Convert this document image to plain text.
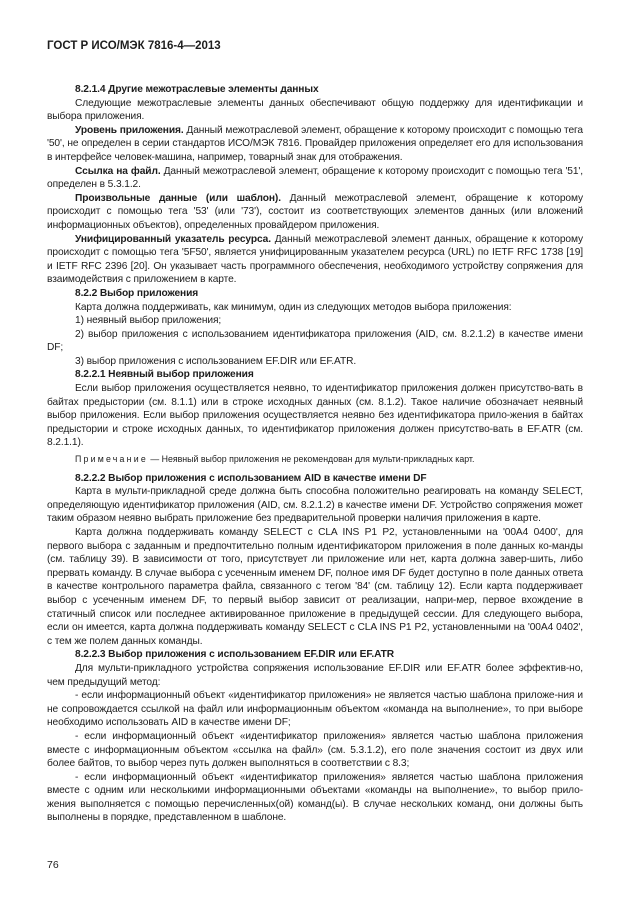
ГОСТ Р ИСО/МЭК 7816-4—2013

8.2.1.4 Другие межотраслевые элементы данных

Следующие межотраслевые элементы данных обеспечивают общую поддержку для идентификации и выбора приложения.

Уровень приложения. Данный межотраслевой элемент, обращение к которому происходит с помощью тега '50', не определен в серии стандартов ИСО/МЭК 7816. Провайдер приложения определяет его для использования в интерфейсе человек-машина, например, товарный знак для отображения.

Ссылка на файл. Данный межотраслевой элемент, обращение к которому происходит с помощью тега '51', определен в 5.3.1.2.

Произвольные данные (или шаблон). Данный межотраслевой элемент, обращение к которому происходит с помощью тега '53' (или '73'), состоит из соответствующих элементов данных (или вложений информационных объектов), определенных провайдером приложения.

Унифицированный указатель ресурса. Данный межотраслевой элемент данных, обращение к которому происходит с помощью тега '5F50', является унифицированным указателем ресурса (URL) по IETF RFC 1738 [19] и IETF RFC 2396 [20]. Он указывает часть программного обеспечения, необходимого устройству сопряжения для взаимодействия с приложением в карте.

8.2.2 Выбор приложения

Карта должна поддерживать, как минимум, один из следующих методов выбора приложения:

1) неявный выбор приложения;

2) выбор приложения с использованием идентификатора приложения (AID, см. 8.2.1.2) в качестве имени DF;

3) выбор приложения с использованием EF.DIR или EF.ATR.

8.2.2.1 Неявный выбор приложения

Если выбор приложения осуществляется неявно, то идентификатор приложения должен присутство-вать в байтах предыстории (см. 8.1.1) или в строке исходных данных (см. 8.1.2). Такое наличие обозначает неявный выбор приложения. Если выбор приложения осуществляется неявно без идентификатора прило-жения в байтах предыстории и строке исходных данных, то идентификатор приложения должен присутство-вать в EF.ATR (см. 8.2.1.1).

Примечание — Неявный выбор приложения не рекомендован для мульти-прикладных карт.

8.2.2.2 Выбор приложения с использованием AID в качестве имени DF

Карта в мульти-прикладной среде должна быть способна положительно реагировать на команду SELECT, определяющую идентификатор приложения (AID, см. 8.2.1.2) в качестве имени DF. Устройство сопряжения может таким образом неявно выбрать приложение без предварительной проверки наличия приложения в карте.

Карта должна поддерживать команду SELECT с CLA INS P1 P2, установленными на '00A4 0400', для первого выбора с заданным и предпочтительно полным идентификатором приложения в поле данных ко-манды (см. таблицу 39). В зависимости от того, присутствует ли приложение или нет, карта должна завер-шить, либо прервать команду. В случае выбора с усеченным именем DF, полное имя DF будет доступно в поле данных ответа в качестве контрольного параметра файла, связанного с тегом '84' (см. таблицу 12). Если карта поддерживает выбор с усеченным именем DF, то первый выбор зависит от реализации, напри-мер, первое вхождение в статичный список или последнее активированное приложение в предыдущей сессии. Для следующего выбора, если он имеется, карта должна поддерживать команду SELECT с CLA INS P1 P2, установленными на '00A4 0402', с тем же полем данных команды.

8.2.2.3 Выбор приложения с использованием EF.DIR или EF.ATR

Для мульти-прикладного устройства сопряжения использование EF.DIR или EF.ATR более эффектив-но, чем предыдущий метод:

- если информационный объект «идентификатор приложения» не является частью шаблона приложе-ния и не сопровождается ссылкой на файл или информационным объектом «команда на выполнение», то при выборе необходимо использовать AID в качестве имени DF;

- если информационный объект «идентификатор приложения» является частью шаблона приложения вместе с информационным объектом «ссылка на файл» (см. 5.3.1.2), его поле значения состоит из двух или более байтов, то выбор через путь должен выполняться в соответствии с 8.3;

- если информационный объект «идентификатор приложения» является частью шаблона приложения вместе с одним или несколькими информационными объектами «команды на выполнение», то выбор прило-жения выполняется с помощью перечисленных(ой) команд(ы). В случае нескольких команд, они должны быть выполнены в порядке, представленном в шаблоне.

76
